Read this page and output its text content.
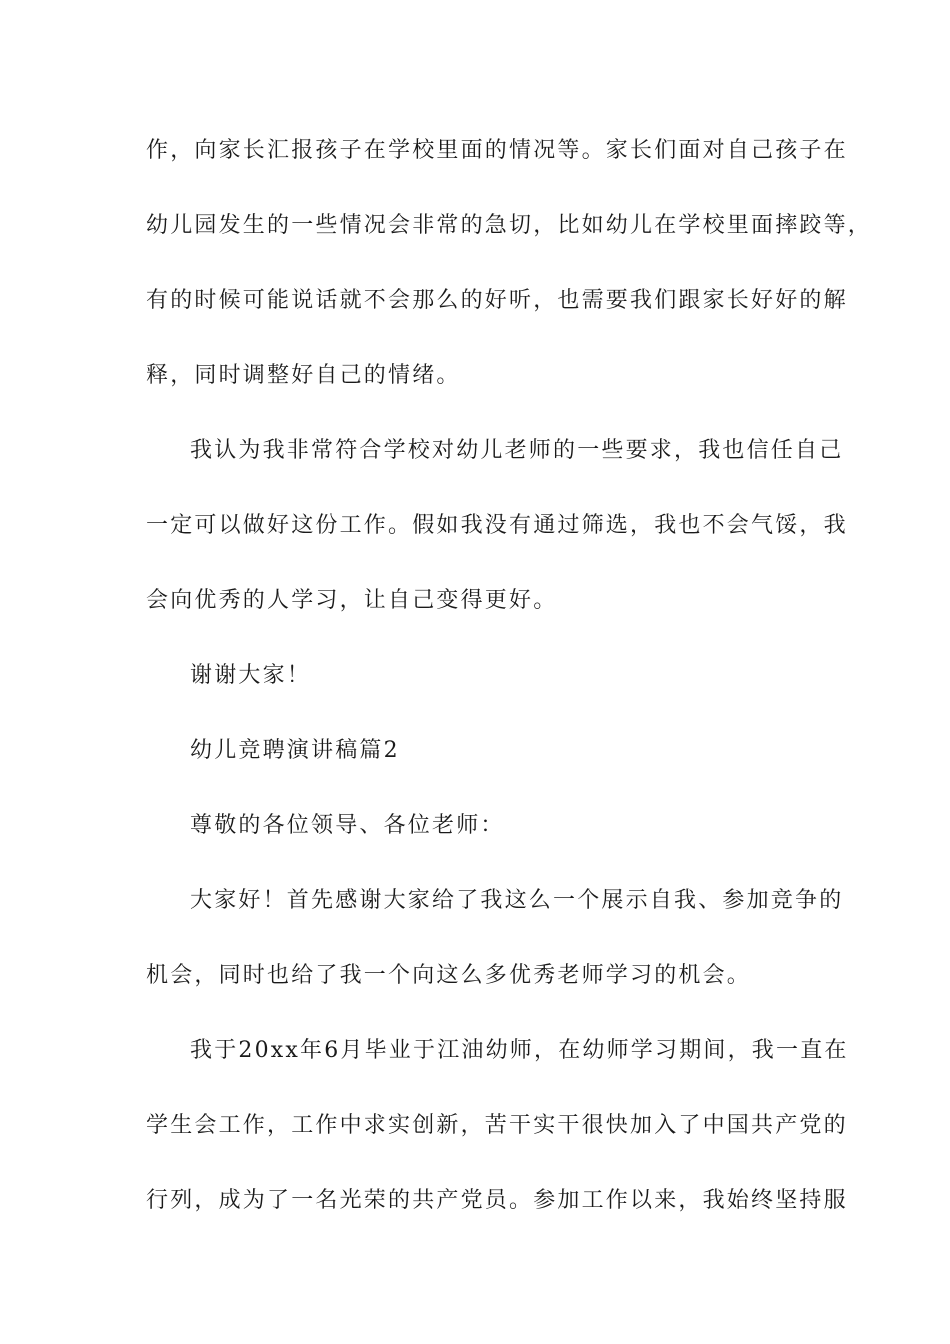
作，向家长汇报孩子在学校里面的情况等。家长们面对自己孩子在
幼儿园发生的一些情况会非常的急切，比如幼儿在学校里面摔跤等，
有的时候可能说话就不会那么的好听，也需要我们跟家长好好的解
释，同时调整好自己的情绪。
我认为我非常符合学校对幼儿老师的一些要求，我也信任自己
一定可以做好这份工作。假如我没有通过筛选，我也不会气馁，我
会向优秀的人学习，让自己变得更好。
谢谢大家！
幼儿竞聘演讲稿篇2
尊敬的各位领导、各位老师：
大家好！首先感谢大家给了我这么一个展示自我、参加竞争的
机会，同时也给了我一个向这么多优秀老师学习的机会。
我于20xx年6月毕业于江油幼师，在幼师学习期间，我一直在
学生会工作，工作中求实创新，苦干实干很快加入了中国共产党的
行列，成为了一名光荣的共产党员。参加工作以来，我始终坚持服
